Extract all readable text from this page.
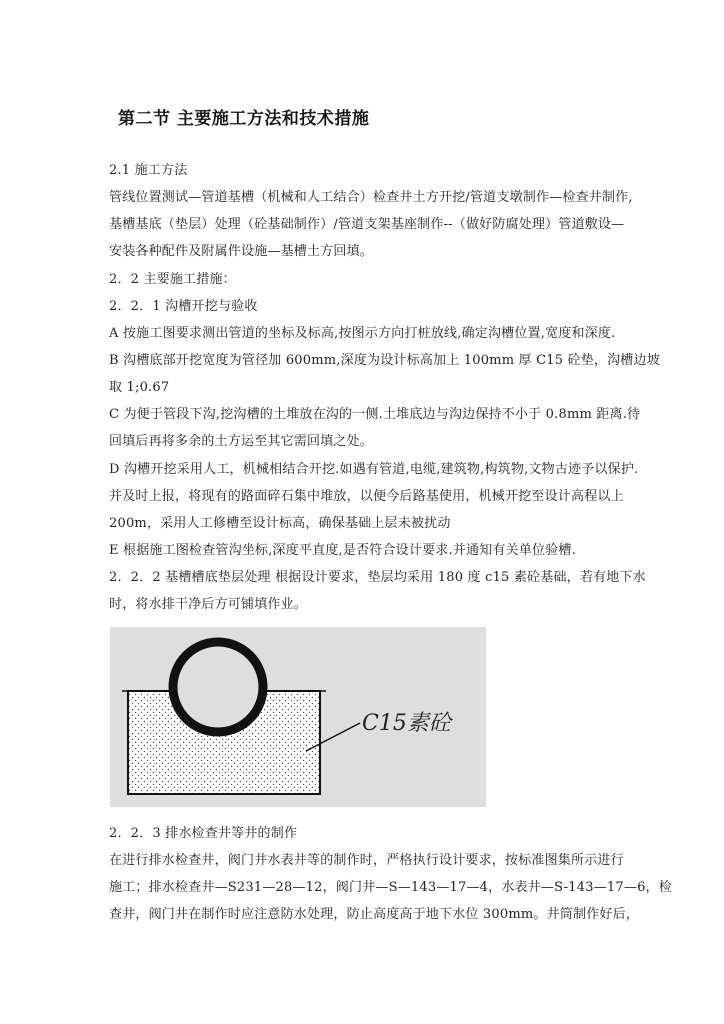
第二节 主要施工方法和技术措施
2.1 施工方法
管线位置测试—管道基槽（机械和人工结合）检查井土方开挖/管道支墩制作—检查井制作,
基槽基底（垫层）处理（砼基础制作）/管道支架基座制作--（做好防腐处理）管道敷设—
安装各种配件及附属件设施—基槽土方回填。
2．2 主要施工措施：
2．2．1 沟槽开挖与验收
A 按施工图要求测出管道的坐标及标高,按图示方向打桩放线,确定沟槽位置,宽度和深度.
B 沟槽底部开挖宽度为管径加 600mm,深度为设计标高加上 100mm 厚 C15 砼垫，沟槽边坡
取 1;0.67
C 为便于管段下沟,挖沟槽的土堆放在沟的一侧.土堆底边与沟边保持不小于 0.8mm 距离.待
回填后再将多余的土方运至其它需回填之处。
D 沟槽开挖采用人工，机械相结合开挖.如遇有管道,电缆,建筑物,构筑物,文物古迹予以保护.
并及时上报，将现有的路面碎石集中堆放，以便今后路基使用，机械开挖至设计高程以上
200m，采用人工修槽至设计标高，确保基础上层未被扰动
E 根据施工图检查管沟坐标,深度平直度,是否符合设计要求.并通知有关单位验槽.
2．2．2 基槽槽底垫层处理 根据设计要求，垫层均采用 180 度 c15 素砼基础，若有地下水
时，将水排干净后方可铺填作业。
C15素砼
2．2．3 排水检查井等井的制作
在进行排水检查井，阀门井水表井等的制作时，严格执行设计要求，按标准图集所示进行
施工；排水检查井—S231—28—12，阀门井—S—143—17—4，水表井—S-143—17—6，检
查井，阀门井在制作时应注意防水处理，防止高度高于地下水位 300mm。井筒制作好后，
